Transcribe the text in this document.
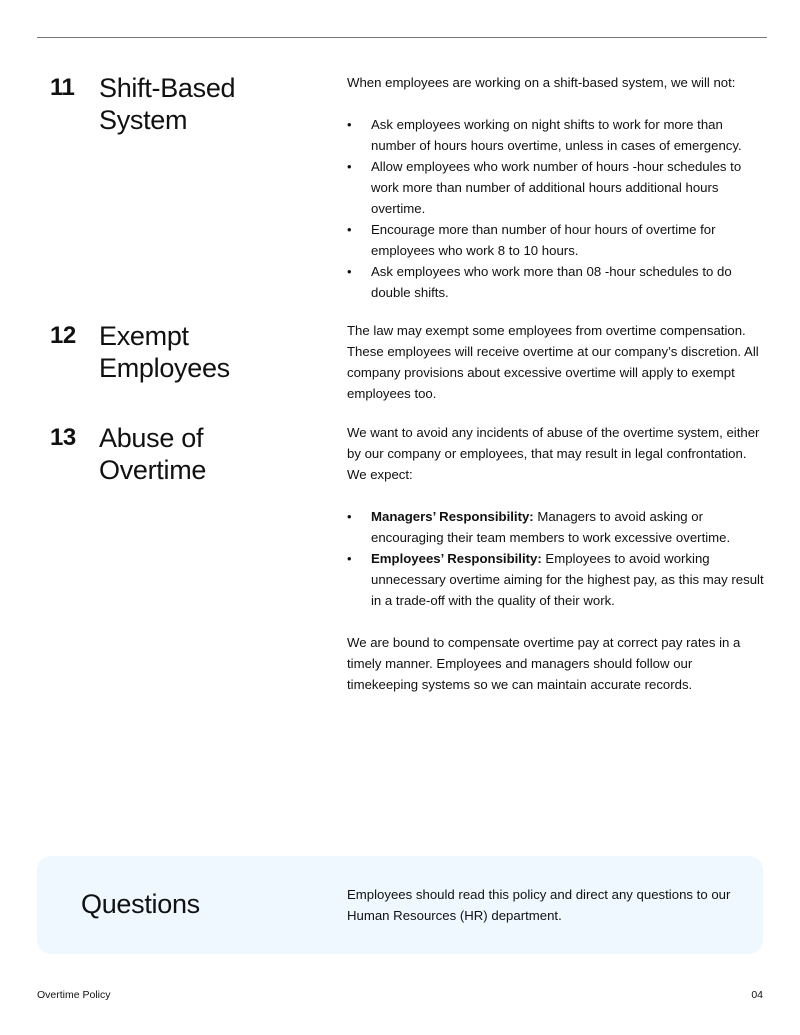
11 Shift-Based
System

When employees are working on a shift-based system, we will not:

•	Ask employees working on night shifts to work for more than number of hours hours overtime, unless in cases of emergency.
•	Allow employees who work number of hours -hour schedules to work more than number of additional hours additional hours overtime.
•	Encourage more than number of hour hours of overtime for employees who work 8 to 10 hours.
•	Ask employees who work more than 08 -hour schedules to do double shifts.
12 Exempt
Employees

The law may exempt some employees from overtime compensation. These employees will receive overtime at our company’s discretion. All company provisions about excessive overtime will apply to exempt employees too.

13 Abuse of
Overtime

We want to avoid any incidents of abuse of the overtime system, either by our company or employees, that may result in legal confrontation. We expect:

•	Managers’ Responsibility: Managers to avoid asking or encouraging their team members to work excessive overtime.
•	Employees’ Responsibility: Employees to avoid working unnecessary overtime aiming for the highest pay, as this may result in a trade-off with the quality of their work.

We are bound to compensate overtime pay at correct pay rates in a timely manner. Employees and managers should follow our timekeeping systems so we can maintain accurate records.

Questions	Employees should read this policy and direct any questions to our Human Resources (HR) department.
Overtime Policy	04
